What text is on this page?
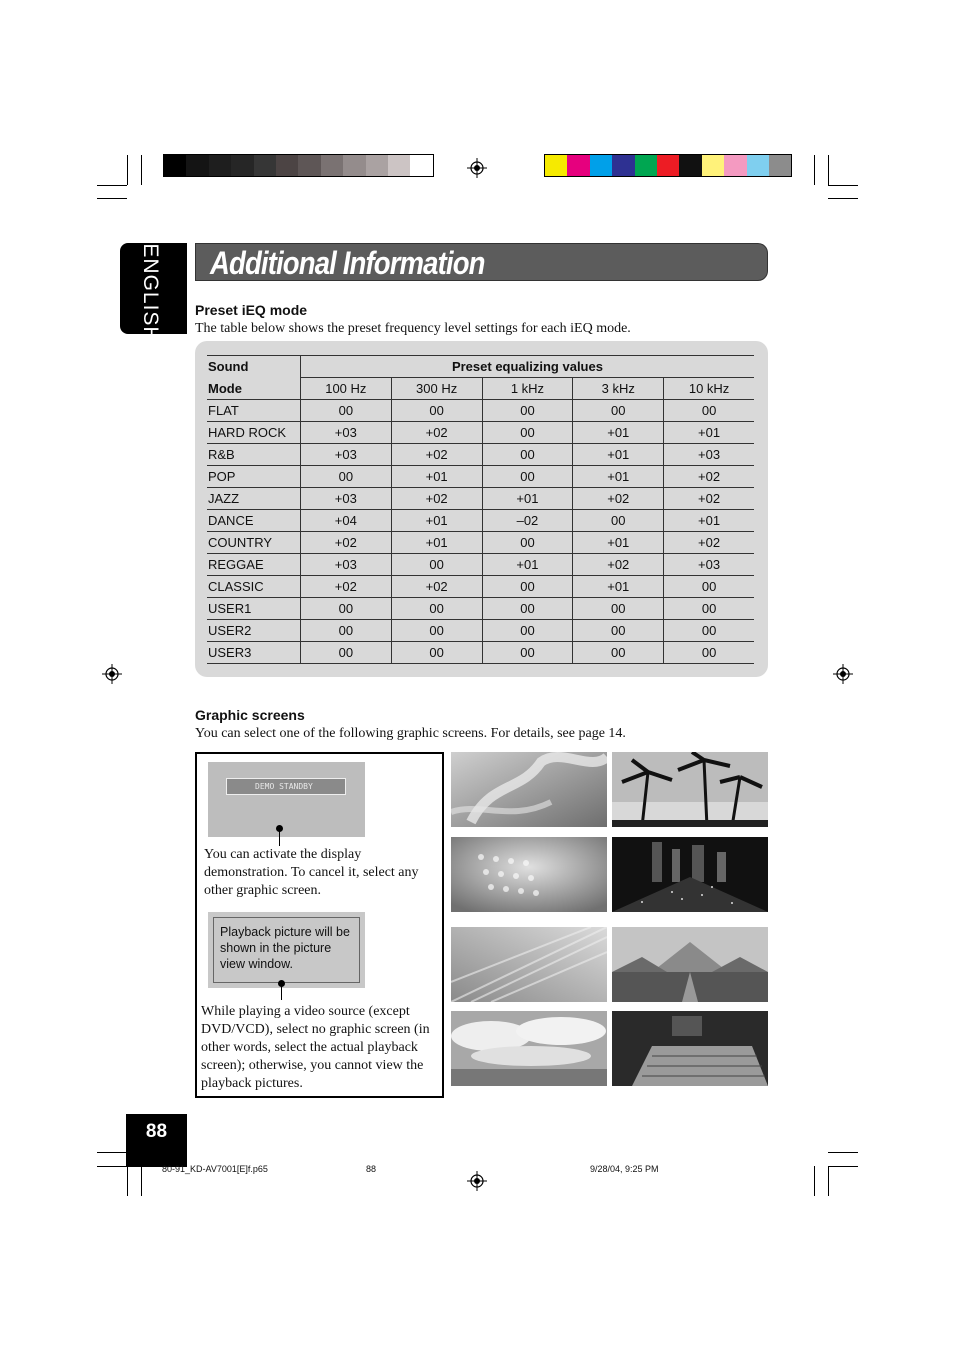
ENGLISH Additional Information
Preset iEQ mode
The table below shows the preset frequency level settings for each iEQ mode.
Sound	Preset equalizing values				
Mode	100 Hz	300 Hz	1 kHz	3 kHz	10 kHz
FLAT	00	00	00	00	00
HARD ROCK	+03	+02	00	+01	+01
R&B	+03	+02	00	+01	+03
POP	00	+01	00	+01	+02
JAZZ	+03	+02	+01	+02	+02
DANCE	+04	+01	–02	00	+01
COUNTRY	+02	+01	00	+01	+02
REGGAE	+03	00	+01	+02	+03
CLASSIC	+02	+02	00	+01	00
USER1	00	00	00	00	00
USER2	00	00	00	00	00
USER3	00	00	00	00	00
Graphic screens
You can select one of the following graphic screens. For details, see page 14.
DEMO STANDBY
You can activate the display demonstration. To cancel it, select any other graphic screen.
Playback picture will be shown in the picture view window.
While playing a video source (except DVD/VCD), select no graphic screen (in other words, select the actual playback screen); otherwise, you cannot view the playback pictures.
88
80-91_KD-AV7001[E]f.p65	88	9/28/04, 9:25 PM
